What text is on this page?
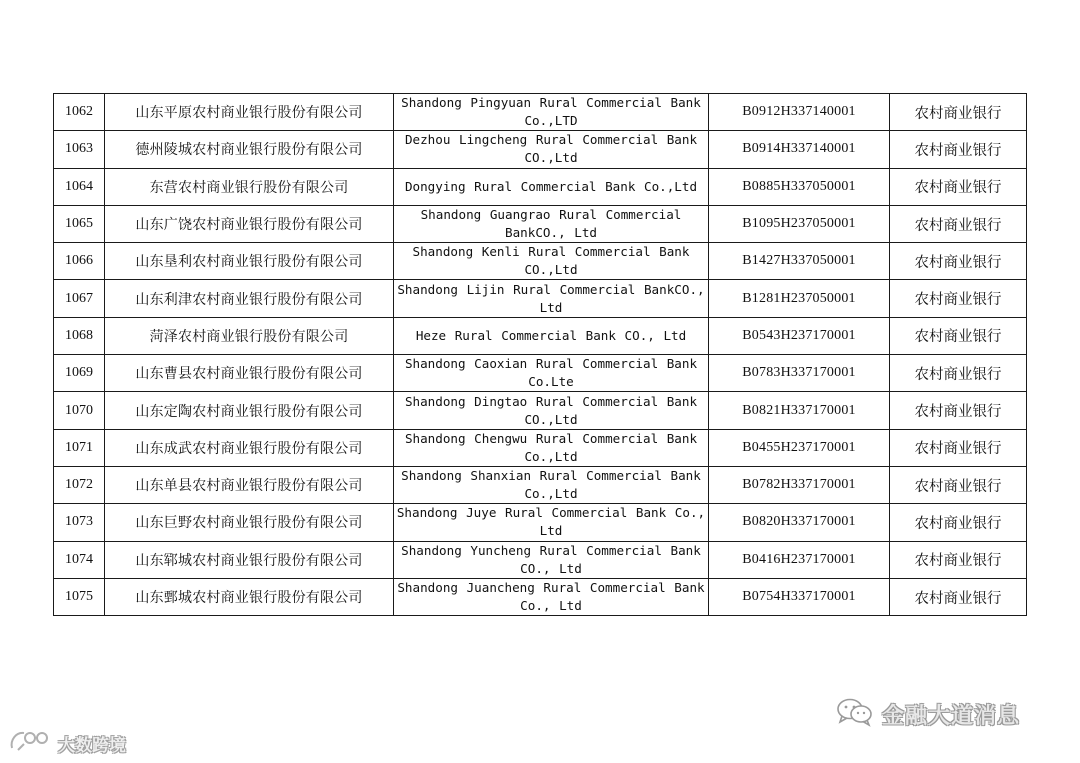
1062	山东平原农村商业银行股份有限公司	Shandong Pingyuan Rural Commercial Bank Co.,LTD	B0912H337140001	农村商业银行
1063	德州陵城农村商业银行股份有限公司	Dezhou Lingcheng Rural Commercial Bank CO.,Ltd	B0914H337140001	农村商业银行
1064	东营农村商业银行股份有限公司	Dongying Rural Commercial Bank Co.,Ltd	B0885H337050001	农村商业银行
1065	山东广饶农村商业银行股份有限公司	Shandong Guangrao Rural Commercial BankCO., Ltd	B1095H237050001	农村商业银行
1066	山东垦利农村商业银行股份有限公司	Shandong Kenli Rural Commercial Bank CO.,Ltd	B1427H337050001	农村商业银行
1067	山东利津农村商业银行股份有限公司	Shandong Lijin Rural Commercial BankCO., Ltd	B1281H237050001	农村商业银行
1068	菏泽农村商业银行股份有限公司	Heze Rural Commercial Bank CO., Ltd	B0543H237170001	农村商业银行
1069	山东曹县农村商业银行股份有限公司	Shandong Caoxian Rural Commercial Bank Co.Lte	B0783H337170001	农村商业银行
1070	山东定陶农村商业银行股份有限公司	Shandong Dingtao Rural Commercial Bank CO.,Ltd	B0821H337170001	农村商业银行
1071	山东成武农村商业银行股份有限公司	Shandong Chengwu Rural Commercial Bank Co.,Ltd	B0455H237170001	农村商业银行
1072	山东单县农村商业银行股份有限公司	Shandong Shanxian Rural Commercial Bank Co.,Ltd	B0782H337170001	农村商业银行
1073	山东巨野农村商业银行股份有限公司	Shandong Juye Rural Commercial Bank Co., Ltd	B0820H337170001	农村商业银行
1074	山东郓城农村商业银行股份有限公司	Shandong Yuncheng Rural Commercial Bank CO., Ltd	B0416H237170001	农村商业银行
1075	山东鄄城农村商业银行股份有限公司	Shandong Juancheng Rural Commercial Bank Co., Ltd	B0754H337170001	农村商业银行
金融大道消息
大数跨境
